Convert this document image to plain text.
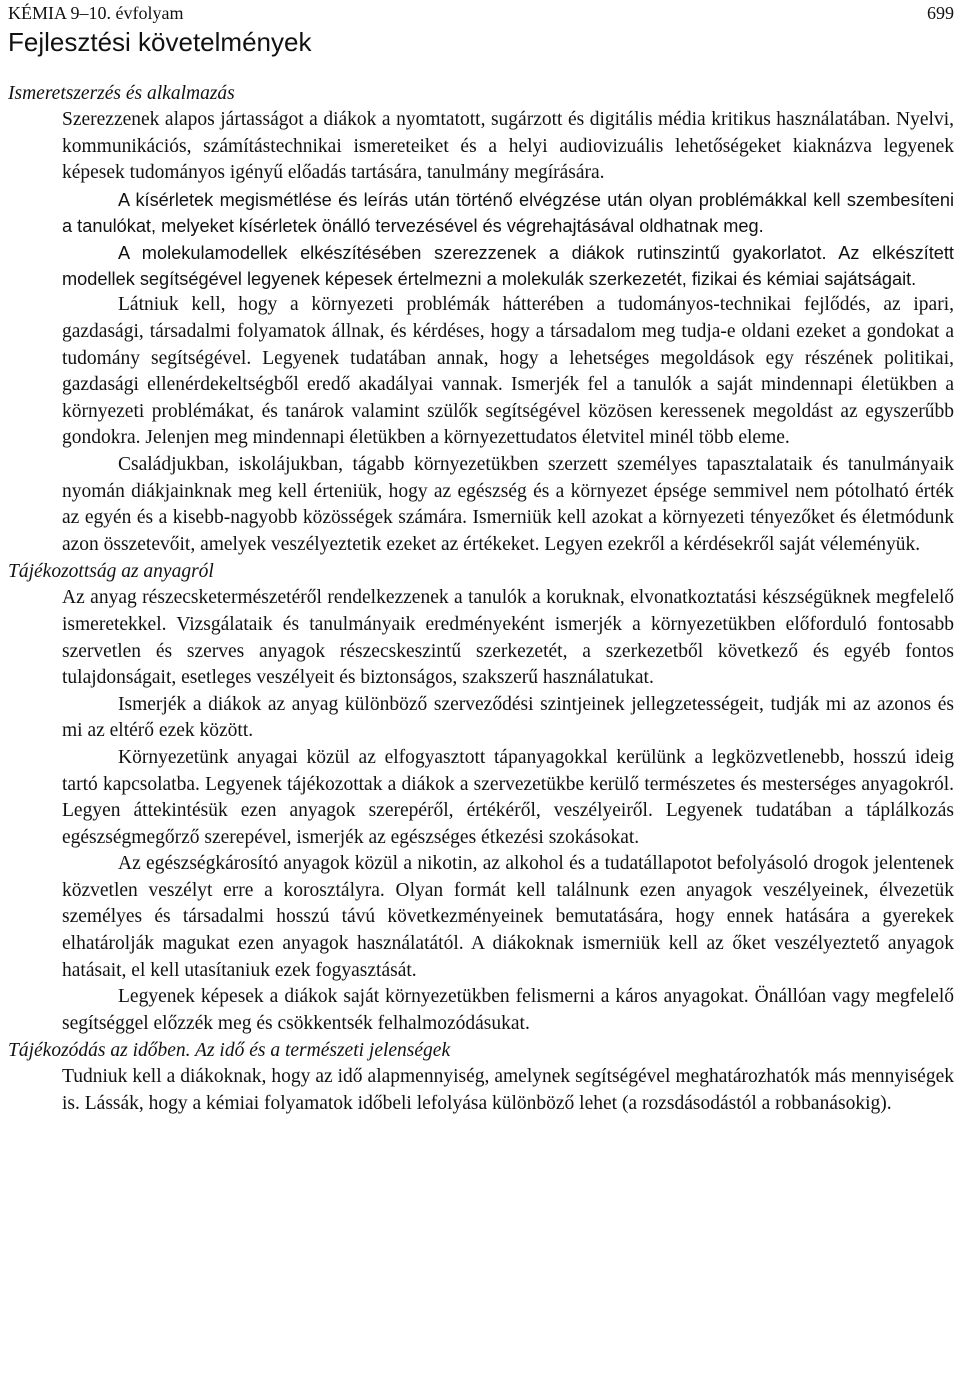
KÉMIA 9–10. évfolyam	699
Fejlesztési követelmények

Ismeretszerzés és alkalmazás

Szerezzenek alapos jártasságot a diákok a nyomtatott, sugárzott és digitális média kritikus használatában. Nyelvi, kommunikációs, számítástechnikai ismereteiket és a helyi audiovizuális lehetőségeket kiaknázva legyenek képesek tudományos igényű előadás tartására, tanulmány megírására.

A kísérletek megismétlése és leírás után történő elvégzése után olyan problémákkal kell szembesíteni a tanulókat, melyeket kísérletek önálló tervezésével és végrehajtásával oldhatnak meg.

A molekulamodellek elkészítésében szerezzenek a diákok rutinszintű gyakorlatot. Az elkészített modellek segítségével legyenek képesek értelmezni a molekulák szerkezetét, fizikai és kémiai sajátságait.

Látniuk kell, hogy a környezeti problémák hátterében a tudományos-technikai fejlődés, az ipari, gazdasági, társadalmi folyamatok állnak, és kérdéses, hogy a társadalom meg tudja-e oldani ezeket a gondokat a tudomány segítségével. Legyenek tudatában annak, hogy a lehetséges megoldások egy részének politikai, gazdasági ellenérdekeltségből eredő akadályai vannak. Ismerjék fel a tanulók a saját mindennapi életükben a környezeti problémákat, és tanárok valamint szülők segítségével közösen keressenek megoldást az egyszerűbb gondokra. Jelenjen meg mindennapi életükben a környezettudatos életvitel minél több eleme.

Családjukban, iskolájukban, tágabb környezetükben szerzett személyes tapasztalataik és tanulmányaik nyomán diákjainknak meg kell érteniük, hogy az egészség és a környezet épsége semmivel nem pótolható érték az egyén és a kisebb-nagyobb közösségek számára. Ismerniük kell azokat a környezeti tényezőket és életmódunk azon összetevőit, amelyek veszélyeztetik ezeket az értékeket. Legyen ezekről a kérdésekről saját véleményük.

Tájékozottság az anyagról

Az anyag részecsketermészetéről rendelkezzenek a tanulók a koruknak, elvonatkoztatási készségüknek megfelelő ismeretekkel. Vizsgálataik és tanulmányaik eredményeként ismerjék a környezetükben előforduló fontosabb szervetlen és szerves anyagok részecskeszintű szerkezetét, a szerkezetből következő és egyéb fontos tulajdonságait, esetleges veszélyeit és biztonságos, szakszerű használatukat.

Ismerjék a diákok az anyag különböző szerveződési szintjeinek jellegzetességeit, tudják mi az azonos és mi az eltérő ezek között.

Környezetünk anyagai közül az elfogyasztott tápanyagokkal kerülünk a legközvetlenebb, hosszú ideig tartó kapcsolatba. Legyenek tájékozottak a diákok a szervezetükbe kerülő természetes és mesterséges anyagokról. Legyen áttekintésük ezen anyagok szerepéről, értékéről, veszélyeiről. Legyenek tudatában a táplálkozás egészségmegőrző szerepével, ismerjék az egészséges étkezési szokásokat.

Az egészségkárosító anyagok közül a nikotin, az alkohol és a tudatállapotot befolyásoló drogok jelentenek közvetlen veszélyt erre a korosztályra. Olyan formát kell találnunk ezen anyagok veszélyeinek, élvezetük személyes és társadalmi hosszú távú következményeinek bemutatására, hogy ennek hatására a gyerekek elhatárolják magukat ezen anyagok használatától. A diákoknak ismerniük kell az őket veszélyeztető anyagok hatásait, el kell utasítaniuk ezek fogyasztását.

Legyenek képesek a diákok saját környezetükben felismerni a káros anyagokat. Önállóan vagy megfelelő segítséggel előzzék meg és csökkentsék felhalmozódásukat.

Tájékozódás az időben. Az idő és a természeti jelenségek

Tudniuk kell a diákoknak, hogy az idő alapmennyiség, amelynek segítségével meghatározhatók más mennyiségek is. Lássák, hogy a kémiai folyamatok időbeli lefolyása különböző lehet (a rozsdásodástól a robbanásokig).
